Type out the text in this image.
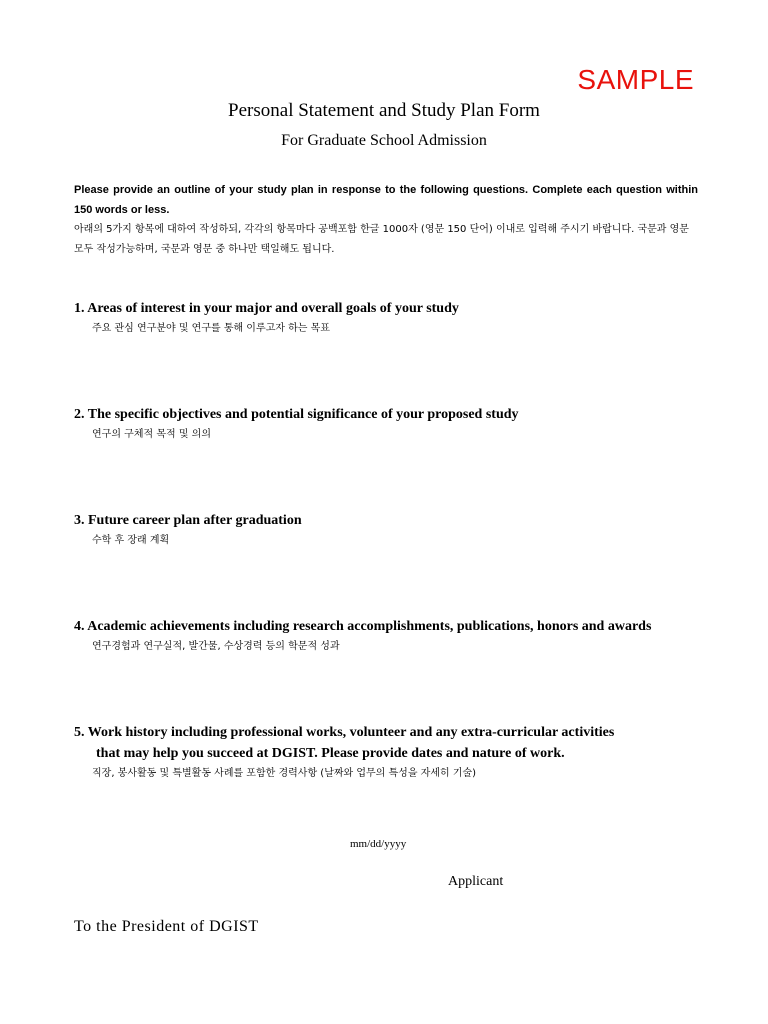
SAMPLE
Personal Statement and Study Plan Form
For Graduate School Admission
Please provide an outline of your study plan in response to the following questions. Complete each question within 150 words or less.
아래의 5가지 항목에 대하여 작성하되, 각각의 항목마다 공백포함 한글 1000자 (영문 150 단어) 이내로 입력해 주시기 바랍니다. 국문과 영문 모두 작성가능하며, 국문과 영문 중 하나만 택일해도 됩니다.
1. Areas of interest in your major and overall goals of your study
주요 관심 연구분야 및 연구를 통해 이루고자 하는 목표
2. The specific objectives and potential significance of your proposed study
연구의 구체적 목적 및 의의
3. Future career plan after graduation
수학 후 장래 계획
4. Academic achievements including research accomplishments, publications, honors and awards
연구경험과 연구실적, 발간물, 수상경력 등의 학문적 성과
5. Work history including professional works, volunteer and any extra-curricular activities
that may help you succeed at DGIST. Please provide dates and nature of work.
직장, 봉사활동 및 특별활동 사례를 포함한 경력사항 (날짜와 업무의 특성을 자세히 기술)
mm/dd/yyyy
Applicant
To the President of DGIST
